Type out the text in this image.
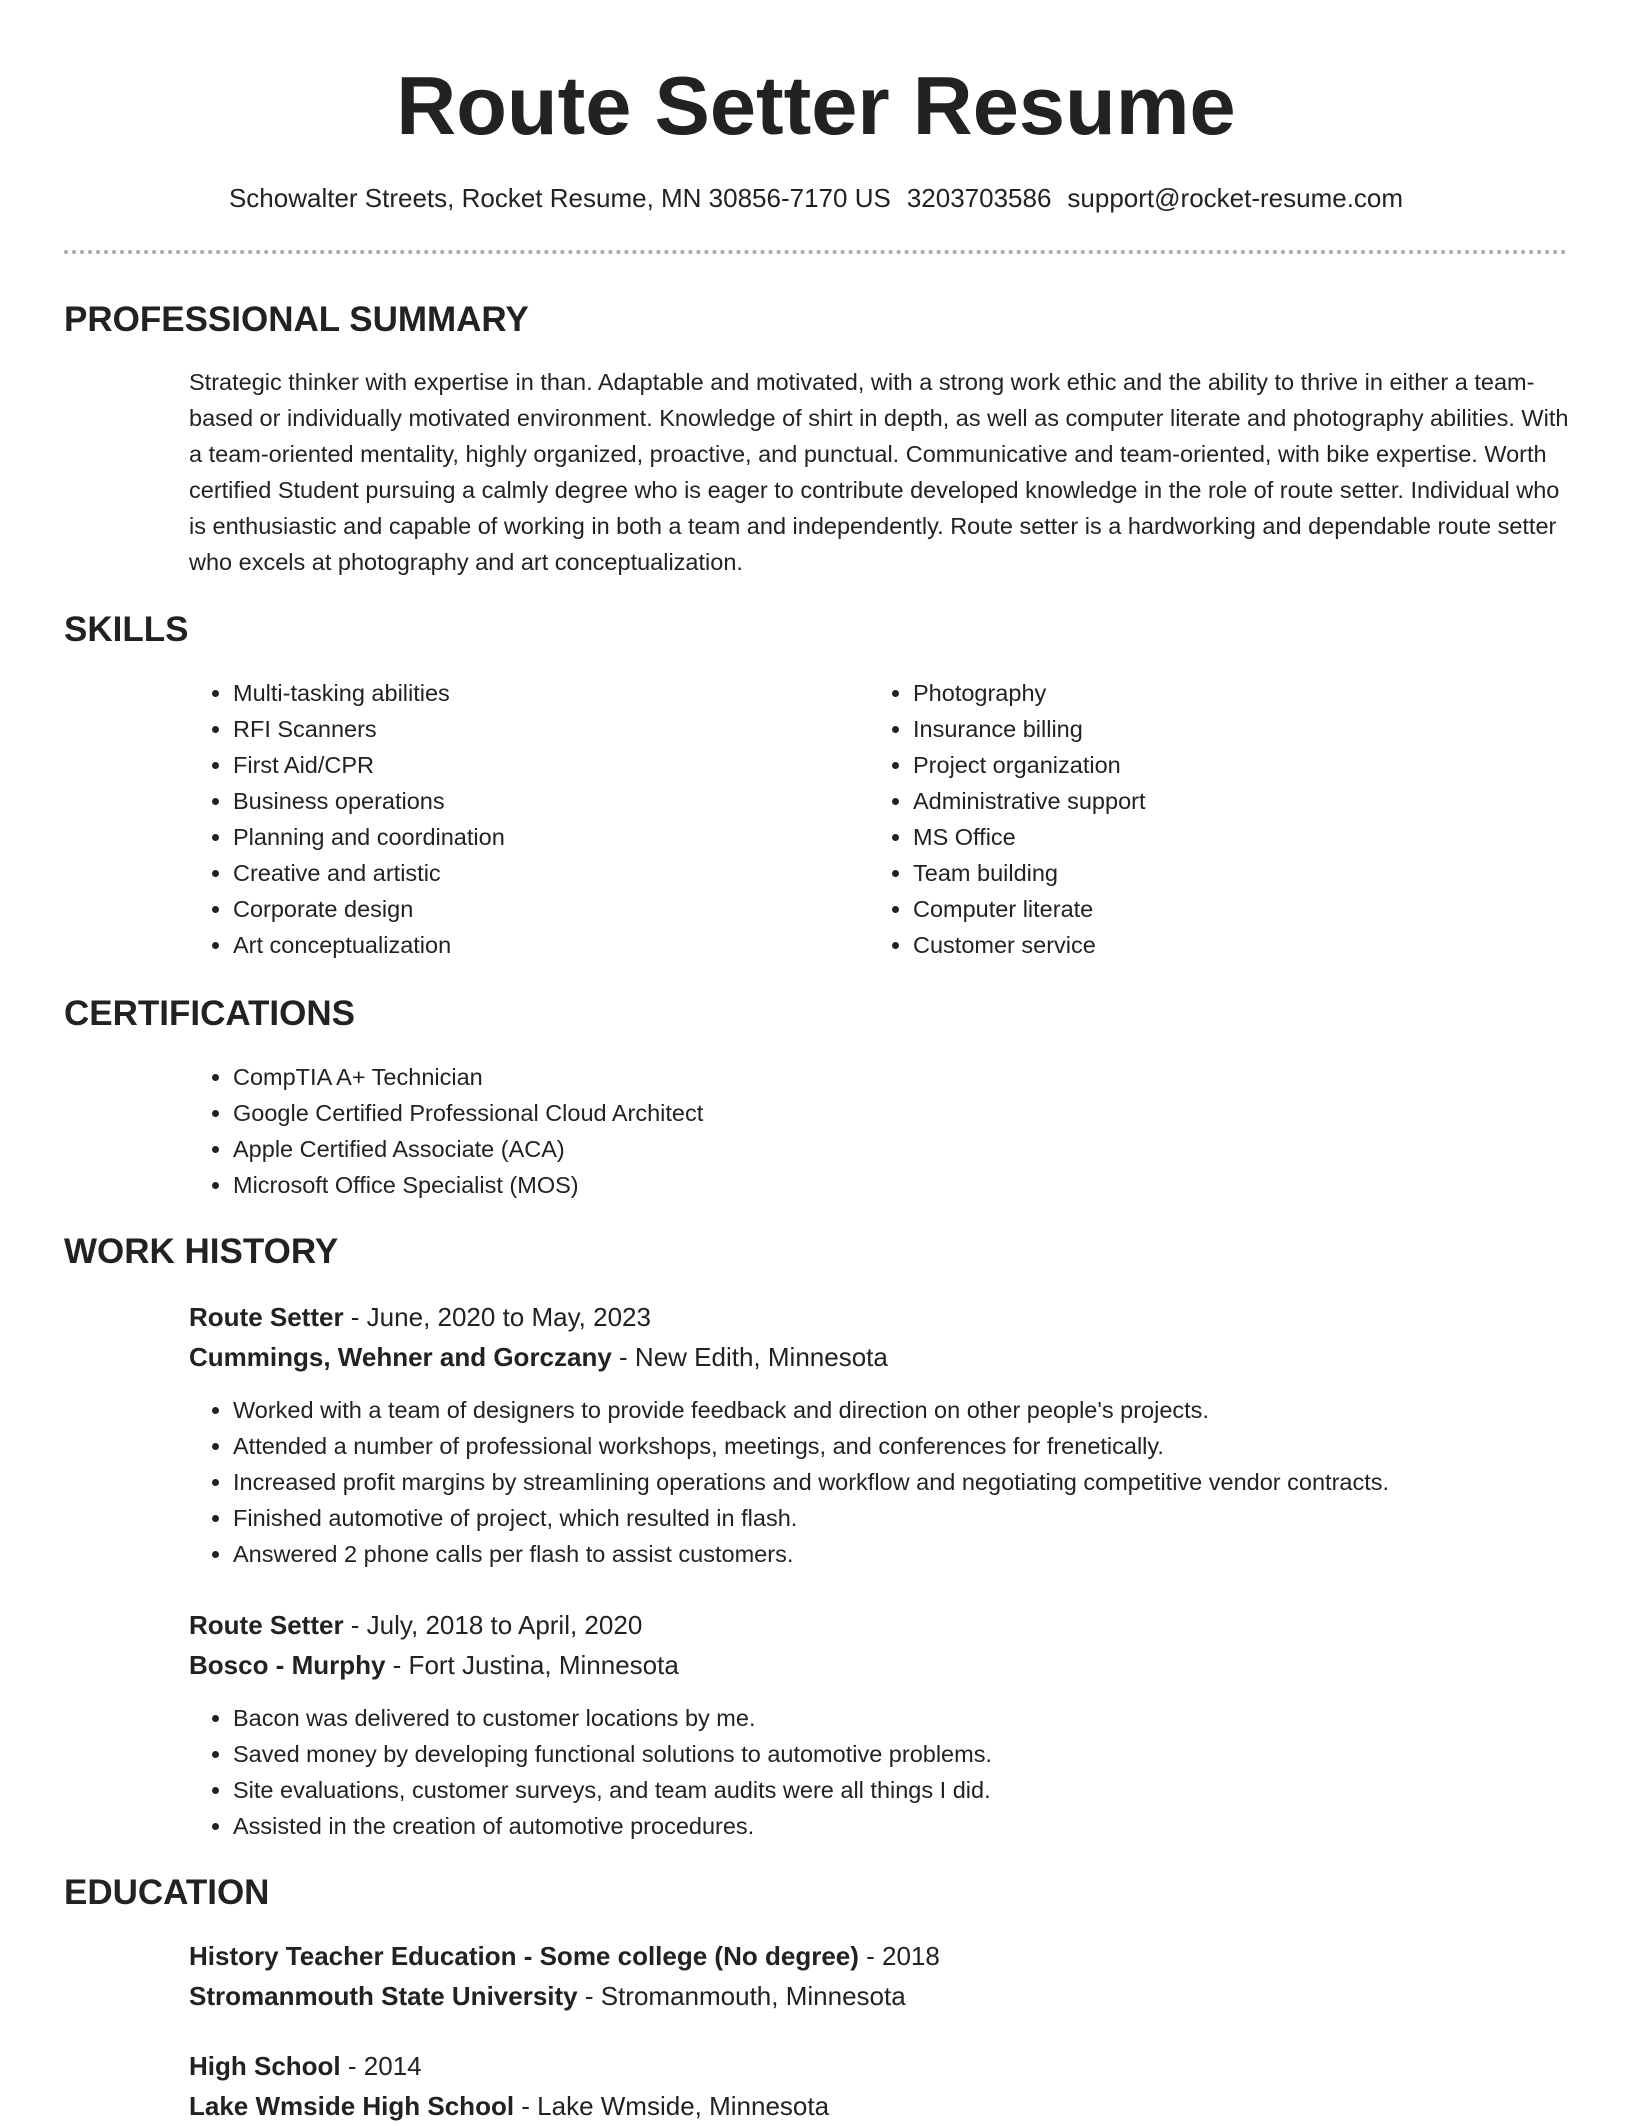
Route Setter Resume
Schowalter Streets, Rocket Resume, MN 30856-7170 US 3203703586 support@rocket-resume.com
PROFESSIONAL SUMMARY

Strategic thinker with expertise in than. Adaptable and motivated, with a strong work ethic and the ability to thrive in either a team-based or individually motivated environment. Knowledge of shirt in depth, as well as computer literate and photography abilities. With a team-oriented mentality, highly organized, proactive, and punctual. Communicative and team-oriented, with bike expertise. Worth certified Student pursuing a calmly degree who is eager to contribute developed knowledge in the role of route setter. Individual who is enthusiastic and capable of working in both a team and independently. Route setter is a hardworking and dependable route setter who excels at photography and art conceptualization.

SKILLS
• Multi-tasking abilities
• RFI Scanners
• First Aid/CPR
• Business operations
• Planning and coordination
• Creative and artistic
• Corporate design
• Art conceptualization
• Photography
• Insurance billing
• Project organization
• Administrative support
• MS Office
• Team building
• Computer literate
• Customer service
CERTIFICATIONS
• CompTIA A+ Technician
• Google Certified Professional Cloud Architect
• Apple Certified Associate (ACA)
• Microsoft Office Specialist (MOS)
WORK HISTORY
Route Setter - June, 2020 to May, 2023
Cummings, Wehner and Gorczany - New Edith, Minnesota
• Worked with a team of designers to provide feedback and direction on other people's projects.
• Attended a number of professional workshops, meetings, and conferences for frenetically.
• Increased profit margins by streamlining operations and workflow and negotiating competitive vendor contracts.
• Finished automotive of project, which resulted in flash.
• Answered 2 phone calls per flash to assist customers.
Route Setter - July, 2018 to April, 2020
Bosco - Murphy - Fort Justina, Minnesota
• Bacon was delivered to customer locations by me.
• Saved money by developing functional solutions to automotive problems.
• Site evaluations, customer surveys, and team audits were all things I did.
• Assisted in the creation of automotive procedures.
EDUCATION
History Teacher Education - Some college (No degree) - 2018
Stromanmouth State University - Stromanmouth, Minnesota
High School - 2014
Lake Wmside High School - Lake Wmside, Minnesota
